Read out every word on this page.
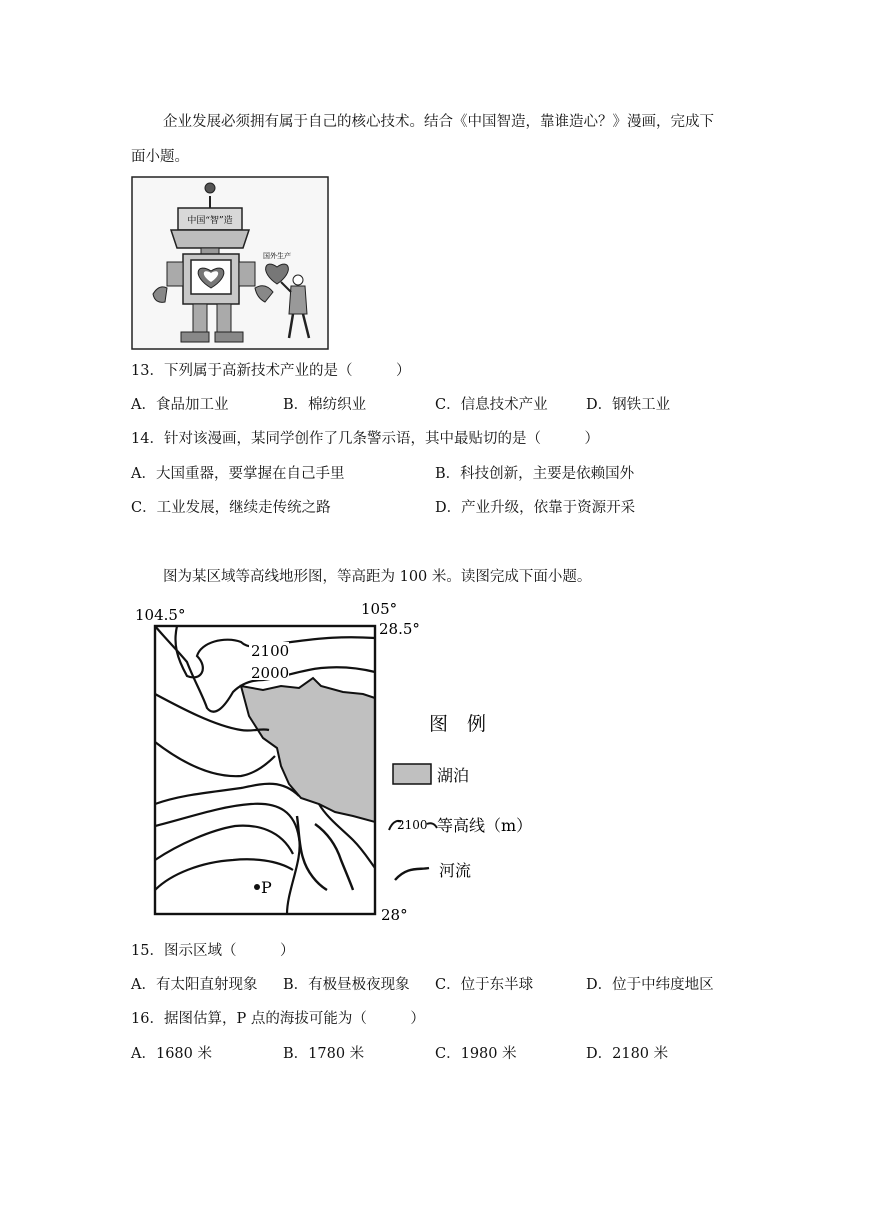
企业发展必须拥有属于自己的核心技术。结合《中国智造，靠谁造心？》漫画，完成下
面小题。
中国“智”造
国外生产
13．下列属于高新技术产业的是（　　　）
A．食品加工业	B．棉纺织业	C．信息技术产业	D．钢铁工业
14．针对该漫画，某同学创作了几条警示语，其中最贴切的是（　　　）
A．大国重器，要掌握在自己手里	B．科技创新，主要是依赖国外
C．工业发展，继续走传统之路	D．产业升级，依靠于资源开采
图为某区域等高线地形图，等高距为 100 米。读图完成下面小题。
104.5°	105°
28.5°
28°
2100
2000
P
图　例
湖泊
2100 等高线（m）
河流
15．图示区域（　　　）
A．有太阳直射现象 B．有极昼极夜现象 C．位于东半球	D．位于中纬度地区
16．据图估算，P 点的海拔可能为（　　　）
A．1680 米	B．1780 米	C．1980 米	D．2180 米
